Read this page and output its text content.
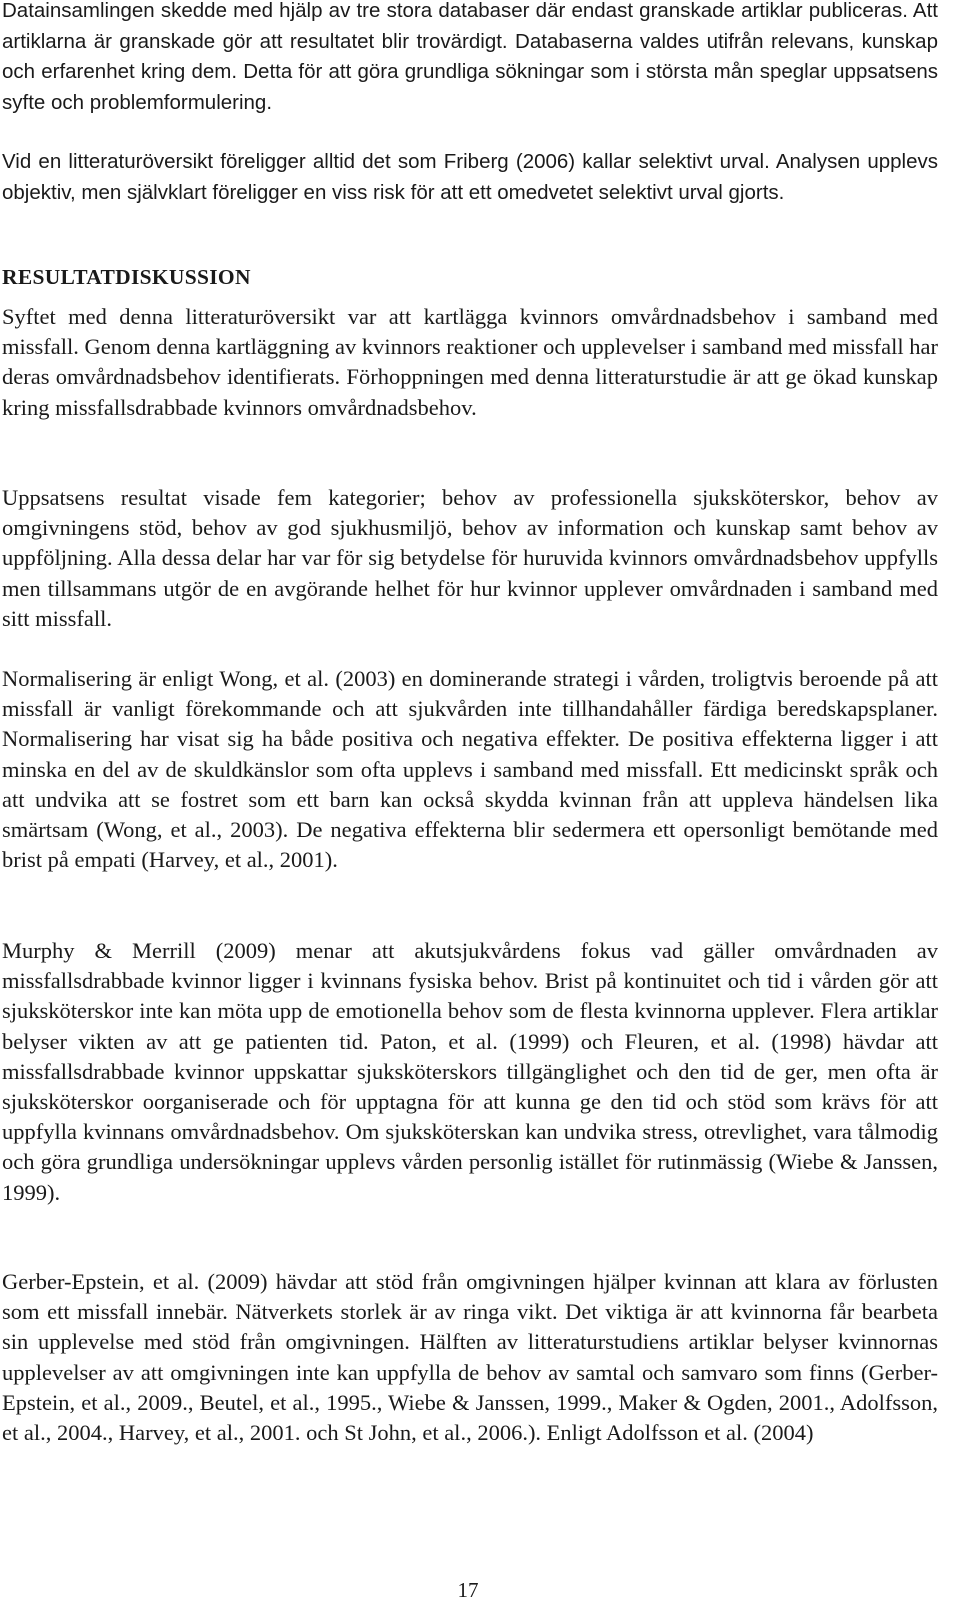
Datainsamlingen skedde med hjälp av tre stora databaser där endast granskade artiklar publiceras. Att artiklarna är granskade gör att resultatet blir trovärdigt. Databaserna valdes utifrån relevans, kunskap och erfarenhet kring dem. Detta för att göra grundliga sökningar som i största mån speglar uppsatsens syfte och problemformulering.

Vid en litteraturöversikt föreligger alltid det som Friberg (2006) kallar selektivt urval. Analysen upplevs objektiv, men självklart föreligger en viss risk för att ett omedvetet selektivt urval gjorts.

RESULTATDISKUSSION

Syftet med denna litteraturöversikt var att kartlägga kvinnors omvårdnadsbehov i samband med missfall. Genom denna kartläggning av kvinnors reaktioner och upplevelser i samband med missfall har deras omvårdnadsbehov identifierats. Förhoppningen med denna litteraturstudie är att ge ökad kunskap kring missfallsdrabbade kvinnors omvårdnadsbehov.

Uppsatsens resultat visade fem kategorier; behov av professionella sjuksköterskor, behov av omgivningens stöd, behov av god sjukhusmiljö, behov av information och kunskap samt behov av uppföljning. Alla dessa delar har var för sig betydelse för huruvida kvinnors omvårdnadsbehov uppfylls men tillsammans utgör de en avgörande helhet för hur kvinnor upplever omvårdnaden i samband med sitt missfall.

Normalisering är enligt Wong, et al. (2003) en dominerande strategi i vården, troligtvis beroende på att missfall är vanligt förekommande och att sjukvården inte tillhandahåller färdiga beredskapsplaner. Normalisering har visat sig ha både positiva och negativa effekter. De positiva effekterna ligger i att minska en del av de skuldkänslor som ofta upplevs i samband med missfall. Ett medicinskt språk och att undvika att se fostret som ett barn kan också skydda kvinnan från att uppleva händelsen lika smärtsam (Wong, et al., 2003). De negativa effekterna blir sedermera ett opersonligt bemötande med brist på empati (Harvey, et al., 2001).

Murphy & Merrill (2009) menar att akutsjukvårdens fokus vad gäller omvårdnaden av missfallsdrabbade kvinnor ligger i kvinnans fysiska behov. Brist på kontinuitet och tid i vården gör att sjuksköterskor inte kan möta upp de emotionella behov som de flesta kvinnorna upplever. Flera artiklar belyser vikten av att ge patienten tid. Paton, et al. (1999) och Fleuren, et al. (1998) hävdar att missfallsdrabbade kvinnor uppskattar sjuksköterskors tillgänglighet och den tid de ger, men ofta är sjuksköterskor oorganiserade och för upptagna för att kunna ge den tid och stöd som krävs för att uppfylla kvinnans omvårdnadsbehov. Om sjuksköterskan kan undvika stress, otrevlighet, vara tålmodig och göra grundliga undersökningar upplevs vården personlig istället för rutinmässig (Wiebe & Janssen, 1999).

Gerber-Epstein, et al. (2009) hävdar att stöd från omgivningen hjälper kvinnan att klara av förlusten som ett missfall innebär. Nätverkets storlek är av ringa vikt. Det viktiga är att kvinnorna får bearbeta sin upplevelse med stöd från omgivningen. Hälften av litteraturstudiens artiklar belyser kvinnornas upplevelser av att omgivningen inte kan uppfylla de behov av samtal och samvaro som finns (Gerber-Epstein, et al., 2009., Beutel, et al., 1995., Wiebe & Janssen, 1999., Maker & Ogden, 2001., Adolfsson, et al., 2004., Harvey, et al., 2001. och St John, et al., 2006.). Enligt Adolfsson et al. (2004)

17
